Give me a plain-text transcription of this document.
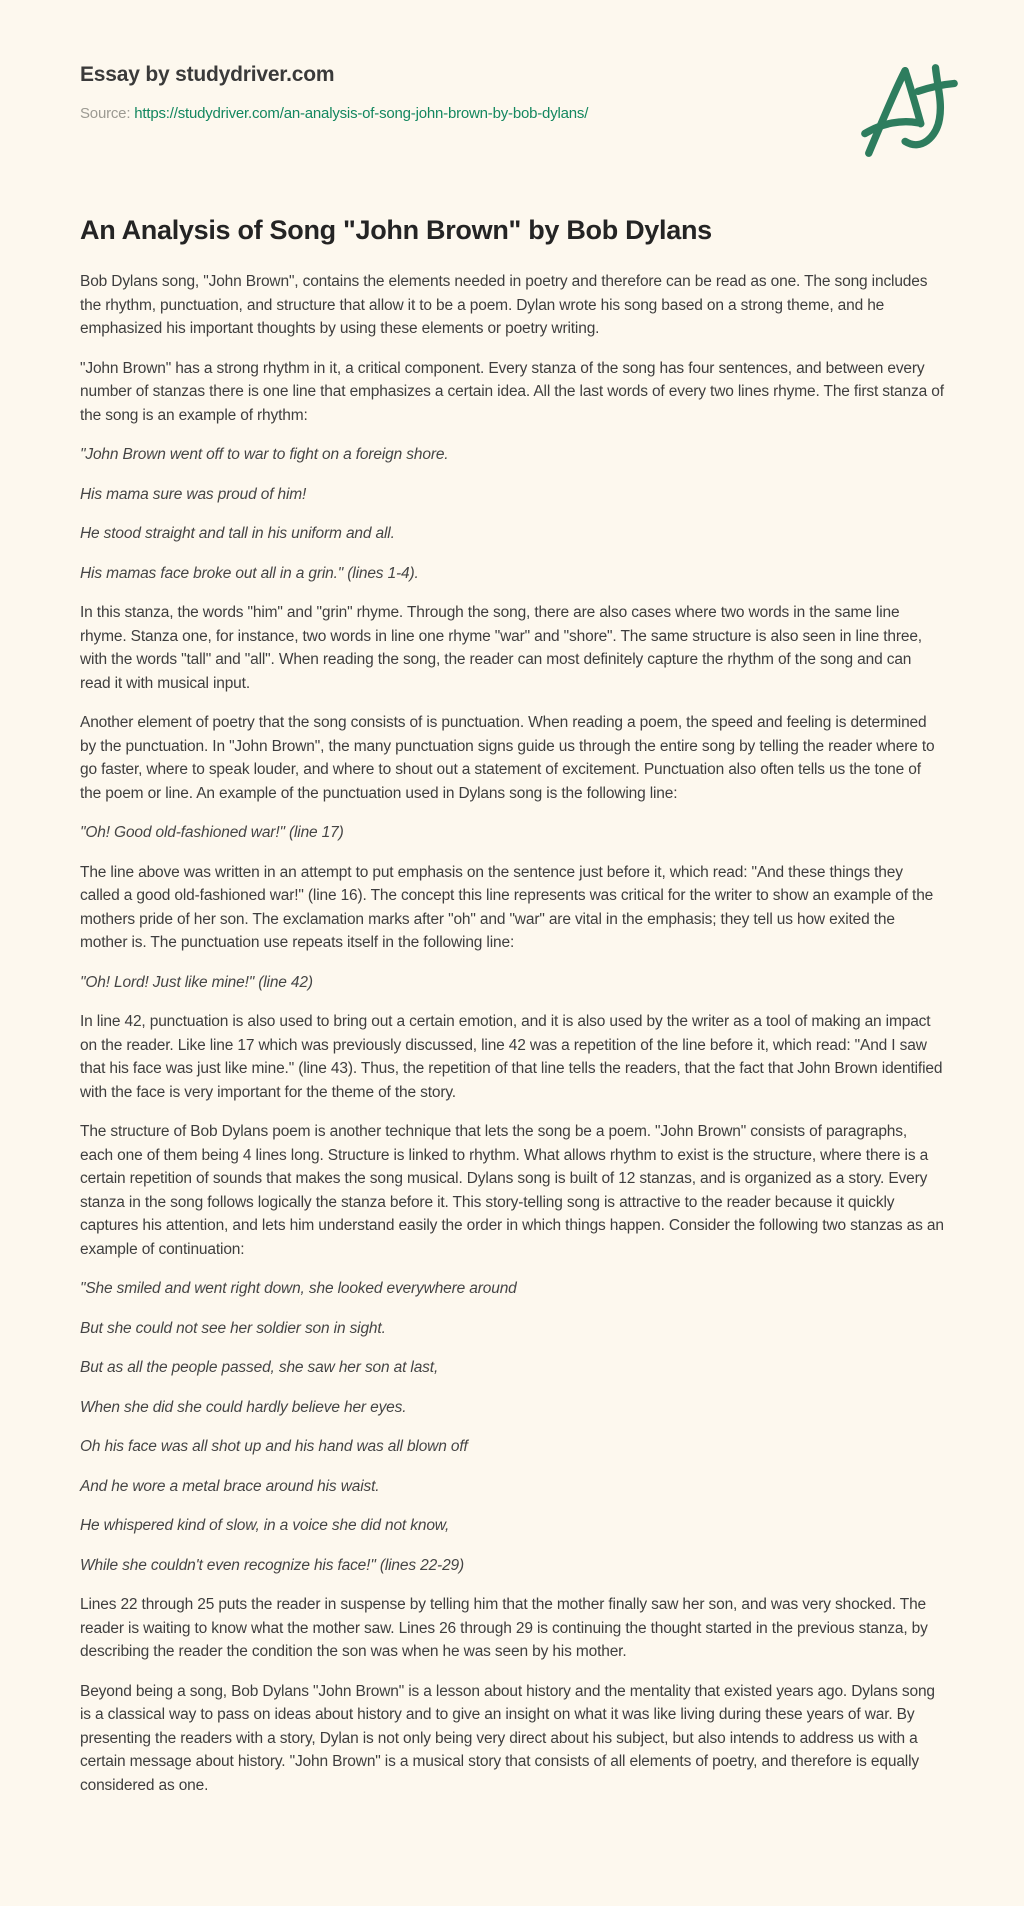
Essay by studydriver.com
Source: https://studydriver.com/an-analysis-of-song-john-brown-by-bob-dylans/
An Analysis of Song "John Brown" by Bob Dylans

Bob Dylans song, "John Brown", contains the elements needed in poetry and therefore can be read as one. The song includes the rhythm, punctuation, and structure that allow it to be a poem. Dylan wrote his song based on a strong theme, and he emphasized his important thoughts by using these elements or poetry writing.

"John Brown" has a strong rhythm in it, a critical component. Every stanza of the song has four sentences, and between every number of stanzas there is one line that emphasizes a certain idea. All the last words of every two lines rhyme. The first stanza of the song is an example of rhythm:

"John Brown went off to war to fight on a foreign shore.

His mama sure was proud of him!

He stood straight and tall in his uniform and all.

His mamas face broke out all in a grin." (lines 1-4).

In this stanza, the words "him" and "grin" rhyme. Through the song, there are also cases where two words in the same line rhyme. Stanza one, for instance, two words in line one rhyme "war" and "shore". The same structure is also seen in line three, with the words "tall" and "all". When reading the song, the reader can most definitely capture the rhythm of the song and can read it with musical input.

Another element of poetry that the song consists of is punctuation. When reading a poem, the speed and feeling is determined by the punctuation. In "John Brown", the many punctuation signs guide us through the entire song by telling the reader where to go faster, where to speak louder, and where to shout out a statement of excitement. Punctuation also often tells us the tone of the poem or line. An example of the punctuation used in Dylans song is the following line:

"Oh! Good old-fashioned war!" (line 17)

The line above was written in an attempt to put emphasis on the sentence just before it, which read: "And these things they called a good old-fashioned war!" (line 16). The concept this line represents was critical for the writer to show an example of the mothers pride of her son. The exclamation marks after "oh" and "war" are vital in the emphasis; they tell us how exited the mother is. The punctuation use repeats itself in the following line:

"Oh! Lord! Just like mine!" (line 42)

In line 42, punctuation is also used to bring out a certain emotion, and it is also used by the writer as a tool of making an impact on the reader. Like line 17 which was previously discussed, line 42 was a repetition of the line before it, which read: "And I saw that his face was just like mine." (line 43). Thus, the repetition of that line tells the readers, that the fact that John Brown identified with the face is very important for the theme of the story.

The structure of Bob Dylans poem is another technique that lets the song be a poem. "John Brown" consists of paragraphs, each one of them being 4 lines long. Structure is linked to rhythm. What allows rhythm to exist is the structure, where there is a certain repetition of sounds that makes the song musical. Dylans song is built of 12 stanzas, and is organized as a story. Every stanza in the song follows logically the stanza before it. This story-telling song is attractive to the reader because it quickly captures his attention, and lets him understand easily the order in which things happen. Consider the following two stanzas as an example of continuation:

"She smiled and went right down, she looked everywhere around

But she could not see her soldier son in sight.

But as all the people passed, she saw her son at last,

When she did she could hardly believe her eyes.

Oh his face was all shot up and his hand was all blown off

And he wore a metal brace around his waist.

He whispered kind of slow, in a voice she did not know,

While she couldn't even recognize his face!" (lines 22-29)

Lines 22 through 25 puts the reader in suspense by telling him that the mother finally saw her son, and was very shocked. The reader is waiting to know what the mother saw. Lines 26 through 29 is continuing the thought started in the previous stanza, by describing the reader the condition the son was when he was seen by his mother.

Beyond being a song, Bob Dylans "John Brown" is a lesson about history and the mentality that existed years ago. Dylans song is a classical way to pass on ideas about history and to give an insight on what it was like living during these years of war. By presenting the readers with a story, Dylan is not only being very direct about his subject, but also intends to address us with a certain message about history. "John Brown" is a musical story that consists of all elements of poetry, and therefore is equally considered as one.
